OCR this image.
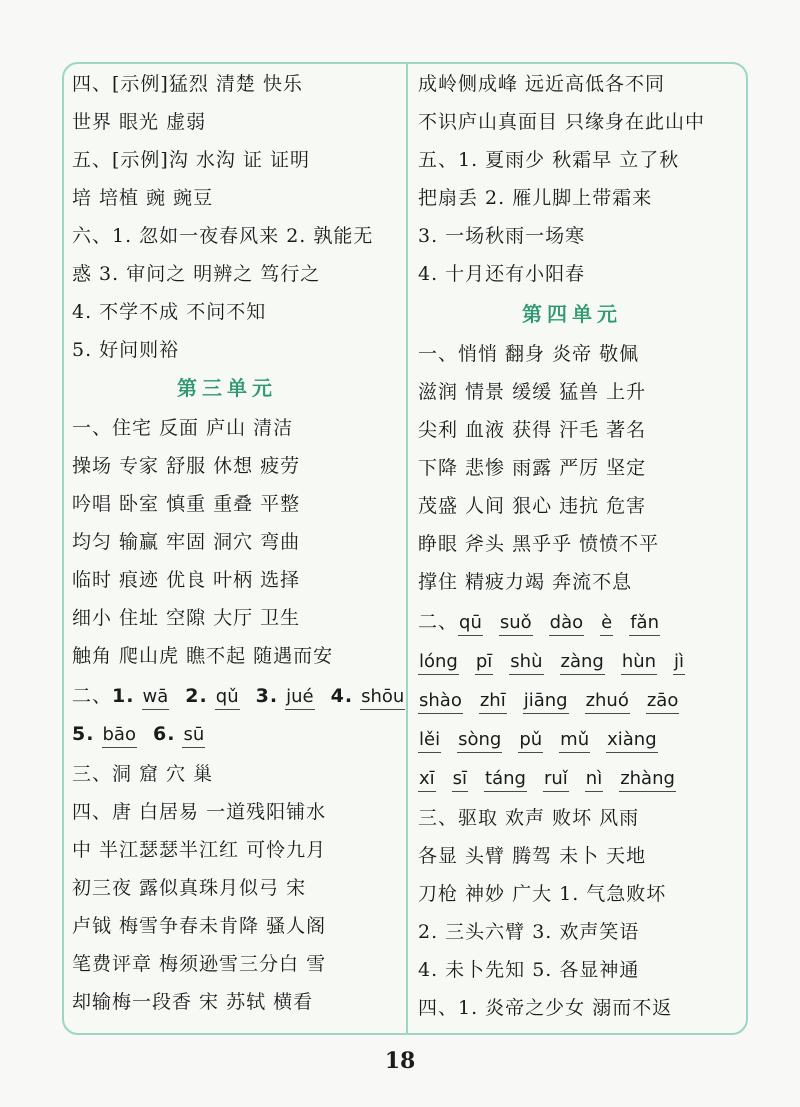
四、[示例]猛烈 清楚 快乐
世界 眼光 虚弱
五、[示例]沟 水沟 证 证明
培 培植 豌 豌豆
六、1. 忽如一夜春风来 2. 孰能无
惑 3. 审问之 明辨之 笃行之
4. 不学不成 不问不知
5. 好问则裕
第三单元
一、住宅 反面 庐山 清洁
操场 专家 舒服 休想 疲劳
吟唱 卧室 慎重 重叠 平整
均匀 输赢 牢固 洞穴 弯曲
临时 痕迹 优良 叶柄 选择
细小 住址 空隙 大厅 卫生
触角 爬山虎 瞧不起 随遇而安
二、1. wā 2. qǔ 3. jué 4. shōu
5. bāo 6. sū
三、洞 窟 穴 巢
四、唐 白居易 一道残阳铺水
中 半江瑟瑟半江红 可怜九月
初三夜 露似真珠月似弓 宋
卢钺 梅雪争春未肯降 骚人阁
笔费评章 梅须逊雪三分白 雪
却输梅一段香 宋 苏轼 横看
成岭侧成峰 远近高低各不同
不识庐山真面目 只缘身在此山中
五、1. 夏雨少 秋霜早 立了秋
把扇丢 2. 雁儿脚上带霜来
3. 一场秋雨一场寒
4. 十月还有小阳春
第四单元
一、悄悄 翻身 炎帝 敬佩
滋润 情景 缓缓 猛兽 上升
尖利 血液 获得 汗毛 著名
下降 悲惨 雨露 严厉 坚定
茂盛 人间 狠心 违抗 危害
睁眼 斧头 黑乎乎 愤愤不平
撑住 精疲力竭 奔流不息
二、qū suǒ dào è fǎn
lóng pī shù zàng hùn jì
shào zhī jiāng zhuó zāo
lěi sòng pǔ mǔ xiàng
xī sī táng ruǐ nì zhàng
三、驱取 欢声 败坏 风雨
各显 头臂 腾驾 未卜 天地
刀枪 神妙 广大 1. 气急败坏
2. 三头六臂 3. 欢声笑语
4. 未卜先知 5. 各显神通
四、1. 炎帝之少女 溺而不返
18
